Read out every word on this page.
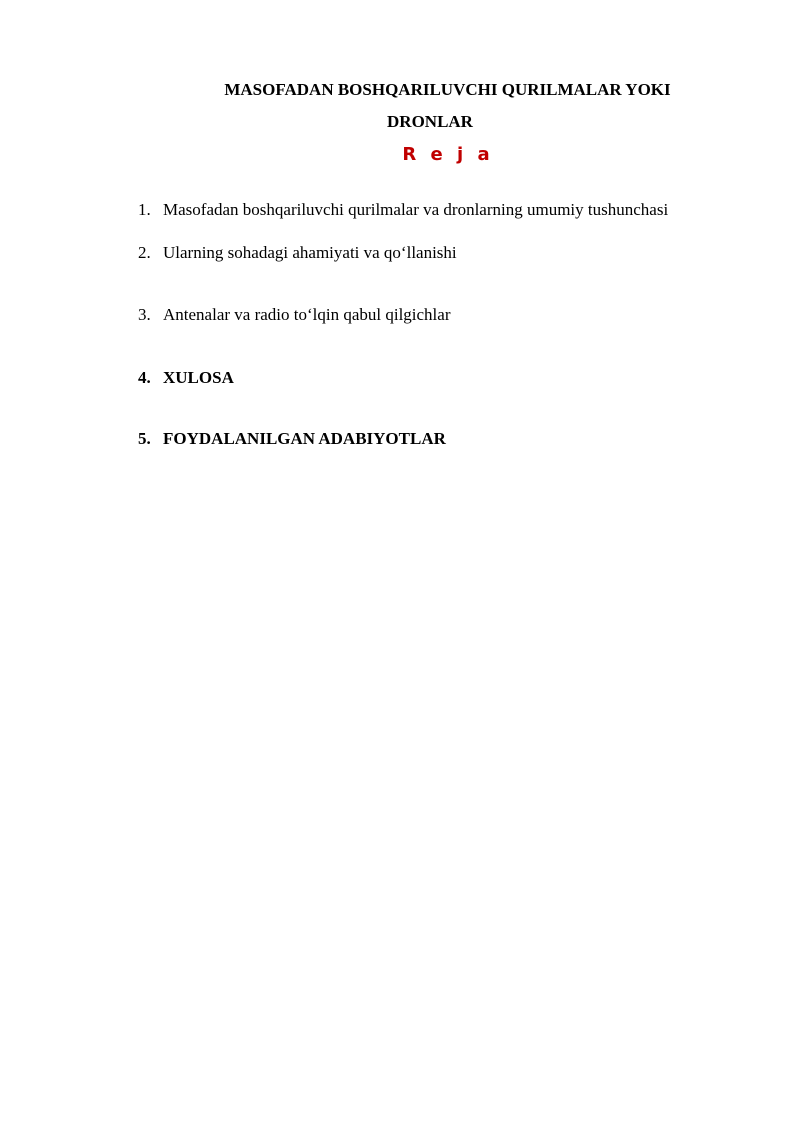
MASOFADAN BOSHQARILUVCHI QURILMALAR YOKI
DRONLAR
R e j a
1. Masofadan boshqariluvchi qurilmalar va dronlarning umumiy tushunchasi
2. Ularning sohadagi ahamiyati va qo‘llanishi
3. Antenalar va radio to‘lqin qabul qilgichlar
4. XULOSA
5. FOYDALANILGAN ADABIYOTLAR
